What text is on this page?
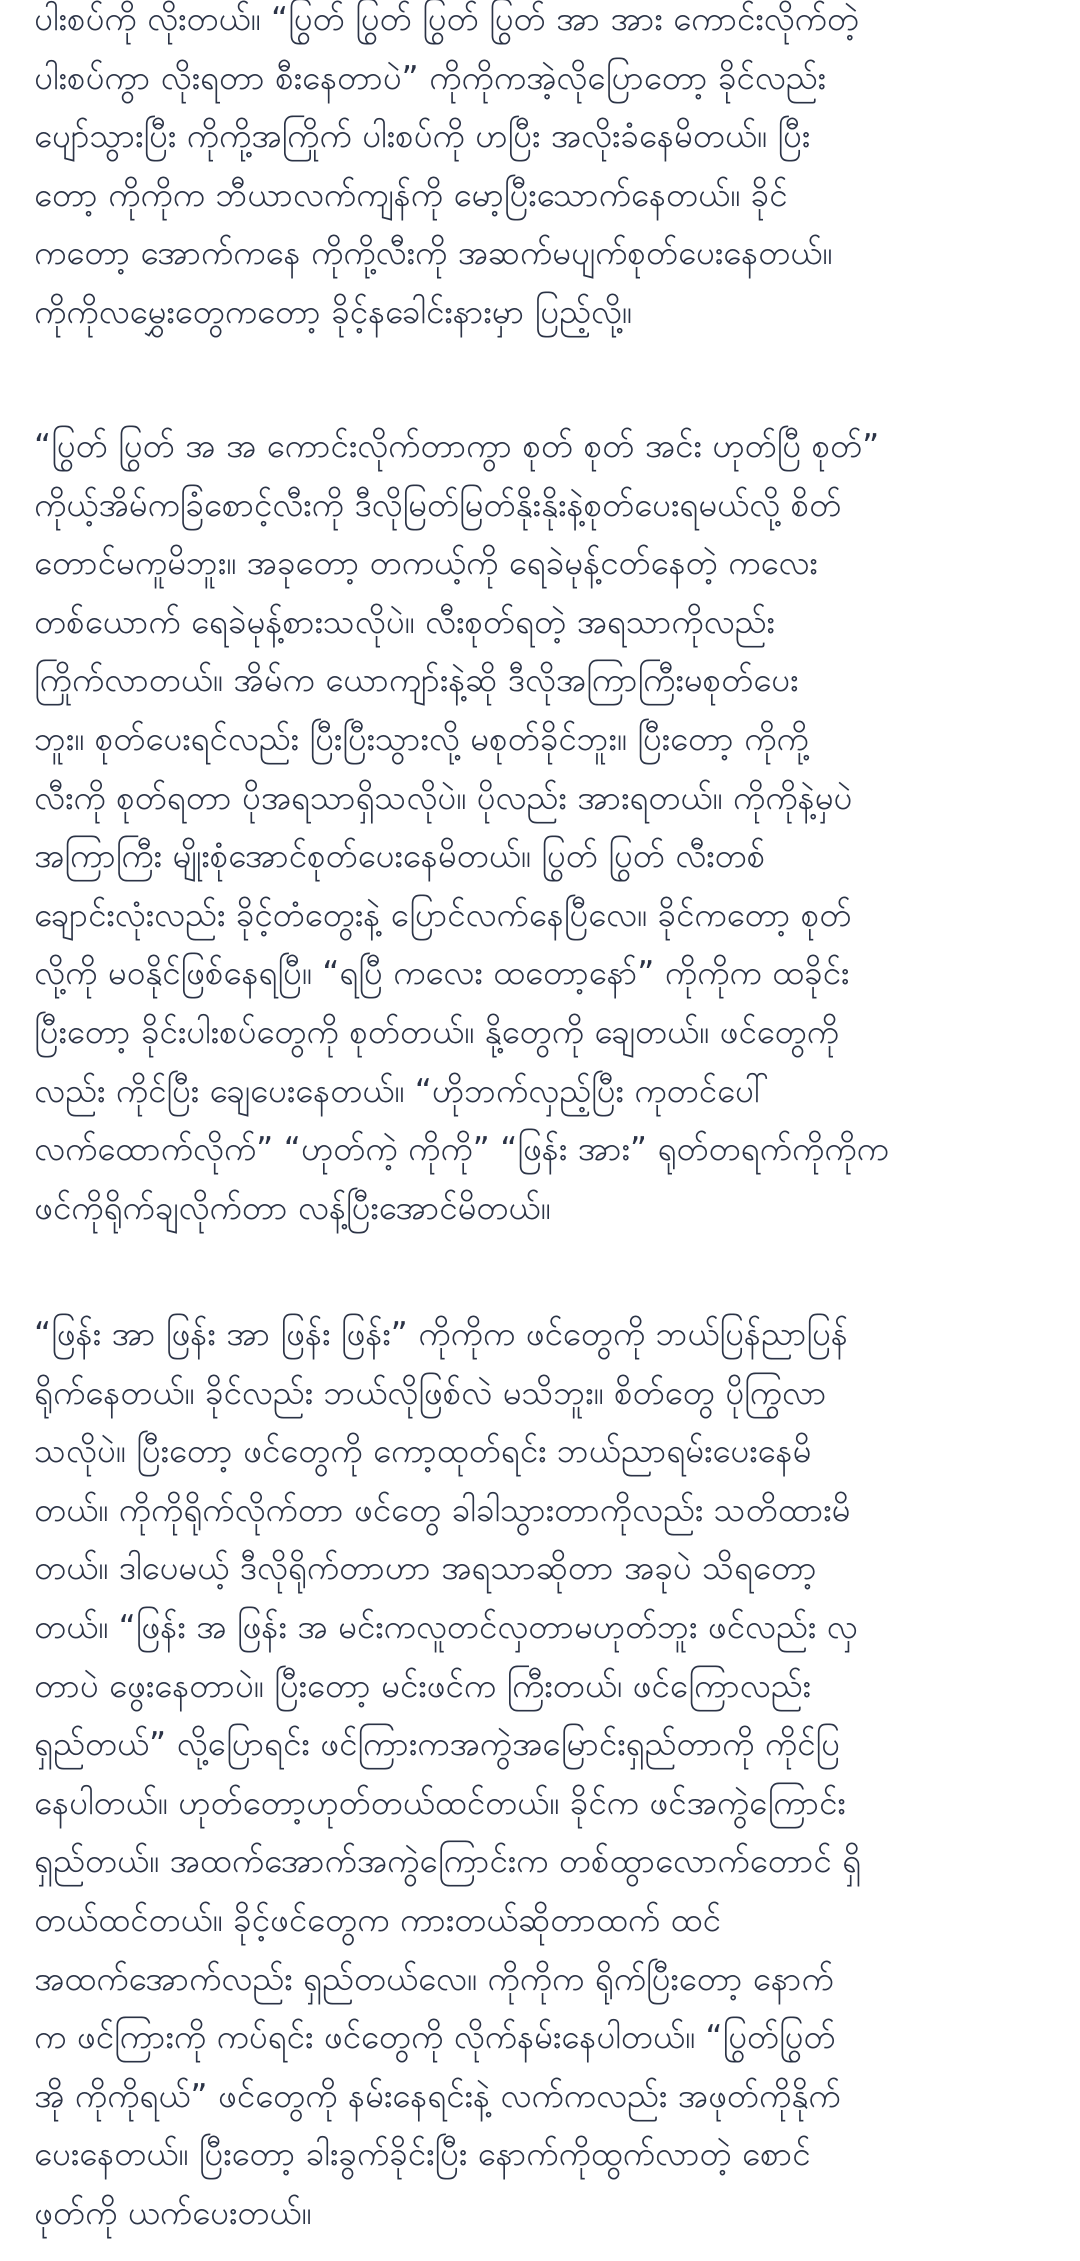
ပါးစပ်ကို လိုးတယ်။ “ပြွတ် ပြွတ် ပြွတ် ပြွတ် အာ အား ကောင်းလိုက်တဲ့
ပါးစပ်ကွာ လိုးရတာ စီးနေတာပဲ” ကိုကိုကအဲ့လိုပြောတော့ ခိုင်လည်း
ပျော်သွားပြီး ကိုကို့အကြိုက် ပါးစပ်ကို ဟပြီး အလိုးခံနေမိတယ်။ ပြီး
တော့ ကိုကိုက ဘီယာလက်ကျန်ကို မော့ပြီးသောက်နေတယ်။ ခိုင်
ကတော့ အောက်ကနေ ကိုကို့လီးကို အဆက်မပျက်စုတ်ပေးနေတယ်။
ကိုကိုလမွှေးတွေကတော့ ခိုင့်နခေါင်းနားမှာ ပြည့်လို့။
“ပြွတ် ပြွတ် အ အ ကောင်းလိုက်တာကွာ စုတ် စုတ် အင်း ဟုတ်ပြီ စုတ်”
ကိုယ့်အိမ်ကခြံစောင့်လီးကို ဒီလိုမြတ်မြတ်နိုးနိုးနဲ့စုတ်ပေးရမယ်လို့ စိတ်
တောင်မကူမိဘူး။ အခုတော့ တကယ့်ကို ရေခဲမုန့်ငတ်နေတဲ့ ကလေး
တစ်ယောက် ရေခဲမုန့်စားသလိုပဲ။ လီးစုတ်ရတဲ့ အရသာကိုလည်း
ကြိုက်လာတယ်။ အိမ်က ယောကျာ်းနဲ့ဆို ဒီလိုအကြာကြီးမစုတ်ပေး
ဘူး။ စုတ်ပေးရင်လည်း ပြီးပြီးသွားလို့ မစုတ်ခိုင်ဘူး။ ပြီးတော့ ကိုကို့
လီးကို စုတ်ရတာ ပိုအရသာရှိသလိုပဲ။ ပိုလည်း အားရတယ်။ ကိုကိုနဲ့မှပဲ
အကြာကြီး မျိုးစုံအောင်စုတ်ပေးနေမိတယ်။ ပြွတ် ပြွတ် လီးတစ်
ချောင်းလုံးလည်း ခိုင့်တံတွေးနဲ့ ပြောင်လက်နေပြီလေ။ ခိုင်ကတော့ စုတ်
လို့ကို မဝနိုင်ဖြစ်နေရပြီ။ “ရပြီ ကလေး ထတော့နော်” ကိုကိုက ထခိုင်း
ပြီးတော့ ခိုင်းပါးစပ်တွေကို စုတ်တယ်။ နို့တွေကို ချေတယ်။ ဖင်တွေကို
လည်း ကိုင်ပြီး ချေပေးနေတယ်။ “ဟိုဘက်လှည့်ပြီး ကုတင်ပေါ်
လက်ထောက်လိုက်” “ဟုတ်ကဲ့ ကိုကို” “ဖြန်း အား” ရုတ်တရက်ကိုကိုက
ဖင်ကိုရိုက်ချလိုက်တာ လန့်ပြီးအောင်မိတယ်။
“ဖြန်း အာ ဖြန်း အာ ဖြန်း ဖြန်း” ကိုကိုက ဖင်တွေကို ဘယ်ပြန်ညာပြန်
ရိုက်နေတယ်။ ခိုင်လည်း ဘယ်လိုဖြစ်လဲ မသိဘူး။ စိတ်တွေ ပိုကြွလာ
သလိုပဲ။ ပြီးတော့ ဖင်တွေကို ကော့ထုတ်ရင်း ဘယ်ညာရမ်းပေးနေမိ
တယ်။ ကိုကိုရိုက်လိုက်တာ ဖင်တွေ ခါခါသွားတာကိုလည်း သတိထားမိ
တယ်။ ဒါပေမယ့် ဒီလိုရိုက်တာဟာ အရသာဆိုတာ အခုပဲ သိရတော့
တယ်။ “ဖြန်း အ ဖြန်း အ မင်းကလူတင်လှတာမဟုတ်ဘူး ဖင်လည်း လှ
တာပဲ ဖွေးနေတာပဲ။ ပြီးတော့ မင်းဖင်က ကြီးတယ်၊ ဖင်ကြောလည်း
ရှည်တယ်” လို့ပြောရင်း ဖင်ကြားကအကွဲအမြောင်းရှည်တာကို ကိုင်ပြ
နေပါတယ်။ ဟုတ်တော့ဟုတ်တယ်ထင်တယ်။ ခိုင်က ဖင်အကွဲကြောင်း
ရှည်တယ်။ အထက်အောက်အကွဲကြောင်းက တစ်ထွာလောက်တောင် ရှိ
တယ်ထင်တယ်။ ခိုင့်ဖင်တွေက ကားတယ်ဆိုတာထက် ထင်
အထက်အောက်လည်း ရှည်တယ်လေ။ ကိုကိုက ရိုက်ပြီးတော့ နောက်
က ဖင်ကြားကို ကပ်ရင်း ဖင်တွေကို လိုက်နမ်းနေပါတယ်။ “ပြွတ်ပြွတ်
အို ကိုကိုရယ်” ဖင်တွေကို နမ်းနေရင်းနဲ့ လက်ကလည်း အဖုတ်ကိုနိုက်
ပေးနေတယ်။ ပြီးတော့ ခါးခွက်ခိုင်းပြီး နောက်ကိုထွက်လာတဲ့ စောင်
ဖုတ်ကို ယက်ပေးတယ်။
